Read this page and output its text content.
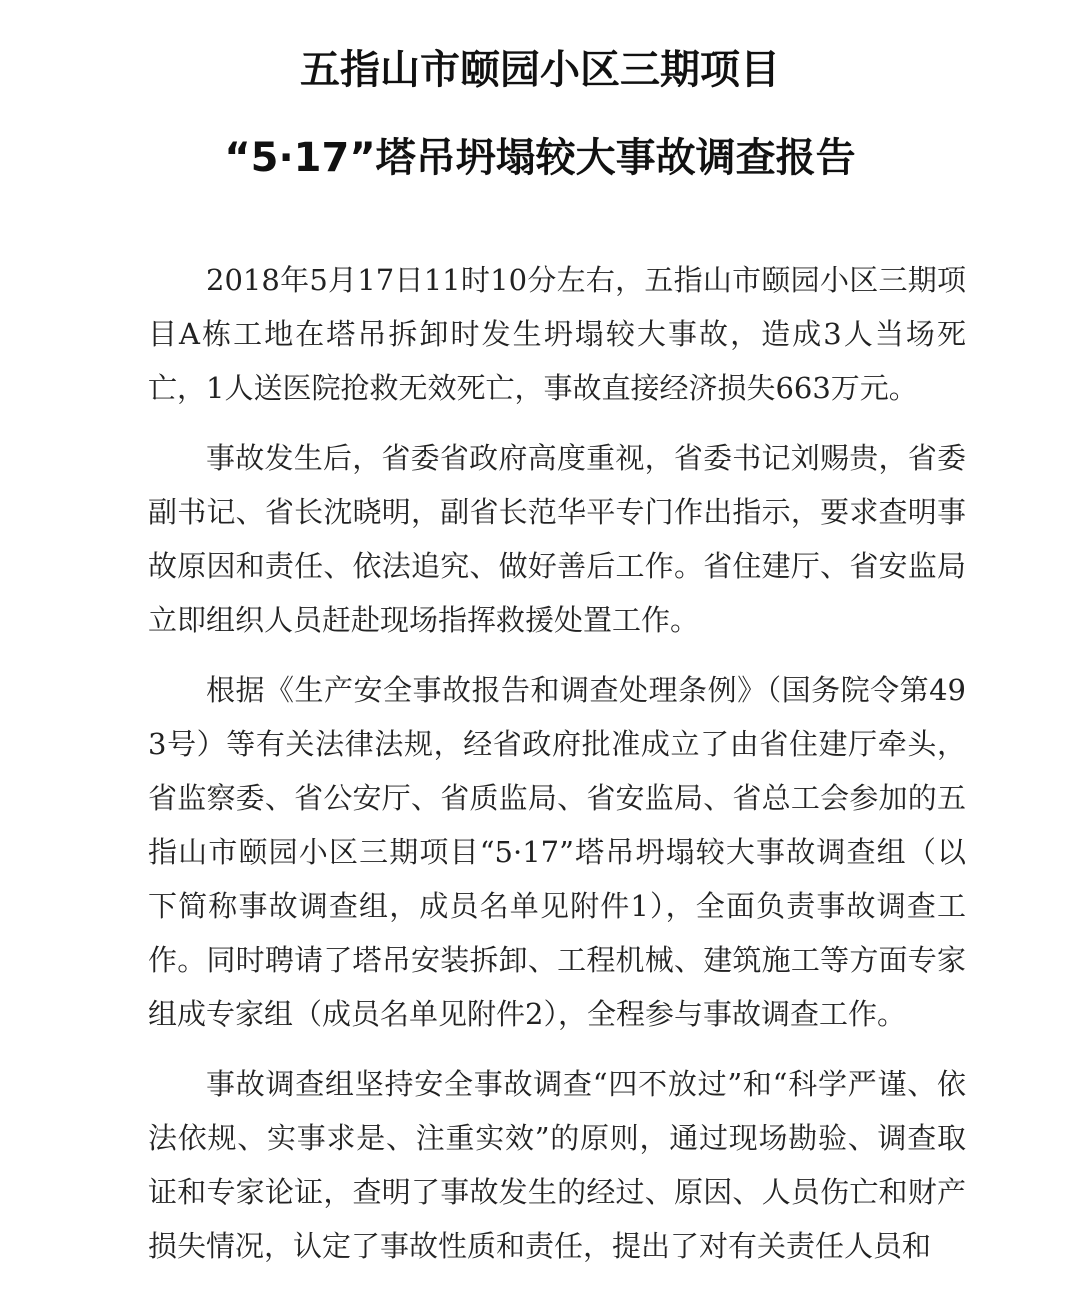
五指山市颐园小区三期项目
“5·17”塔吊坍塌较大事故调查报告

2018年5月17日11时10分左右，五指山市颐园小区三期项目A栋工地在塔吊拆卸时发生坍塌较大事故，造成3人当场死亡，1人送医院抢救无效死亡，事故直接经济损失663万元。

事故发生后，省委省政府高度重视，省委书记刘赐贵，省委副书记、省长沈晓明，副省长范华平专门作出指示，要求查明事故原因和责任、依法追究、做好善后工作。省住建厅、省安监局立即组织人员赶赴现场指挥救援处置工作。

根据《生产安全事故报告和调查处理条例》（国务院令第493号）等有关法律法规，经省政府批准成立了由省住建厅牵头，省监察委、省公安厅、省质监局、省安监局、省总工会参加的五指山市颐园小区三期项目“5·17”塔吊坍塌较大事故调查组（以下简称事故调查组，成员名单见附件1），全面负责事故调查工作。同时聘请了塔吊安装拆卸、工程机械、建筑施工等方面专家组成专家组（成员名单见附件2），全程参与事故调查工作。

事故调查组坚持安全事故调查“四不放过”和“科学严谨、依法依规、实事求是、注重实效”的原则，通过现场勘验、调查取证和专家论证，查明了事故发生的经过、原因、人员伤亡和财产损失情况，认定了事故性质和责任，提出了对有关责任人员和
